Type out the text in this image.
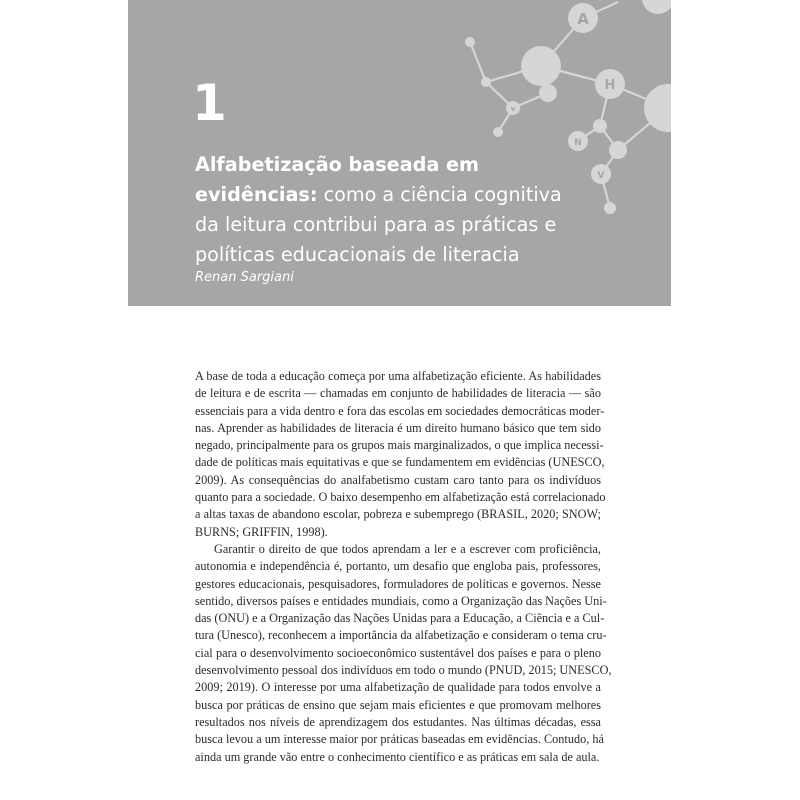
A
H
N
V
v
1
Alfabetização baseada em
evidências: como a ciência cognitiva
da leitura contribui para as práticas e
políticas educacionais de literacia
Renan Sargiani

A base de toda a educação começa por uma alfabetização eficiente. As habilidades
de leitura e de escrita — chamadas em conjunto de habilidades de literacia — são
essenciais para a vida dentro e fora das escolas em sociedades democráticas moder-
nas. Aprender as habilidades de literacia é um direito humano básico que tem sido
negado, principalmente para os grupos mais marginalizados, o que implica necessi-
dade de políticas mais equitativas e que se fundamentem em evidências (UNESCO,
2009). As consequências do analfabetismo custam caro tanto para os indivíduos
quanto para a sociedade. O baixo desempenho em alfabetização está correlacionado
a altas taxas de abandono escolar, pobreza e subemprego (BRASIL, 2020; SNOW;
BURNS; GRIFFIN, 1998).

Garantir o direito de que todos aprendam a ler e a escrever com proficiência,
autonomia e independência é, portanto, um desafio que engloba pais, professores,
gestores educacionais, pesquisadores, formuladores de políticas e governos. Nesse
sentido, diversos países e entidades mundiais, como a Organização das Nações Uni-
das (ONU) e a Organização das Nações Unidas para a Educação, a Ciência e a Cul-
tura (Unesco), reconhecem a importância da alfabetização e consideram o tema cru-
cial para o desenvolvimento socioeconômico sustentável dos países e para o pleno
desenvolvimento pessoal dos indivíduos em todo o mundo (PNUD, 2015; UNESCO,
2009; 2019). O interesse por uma alfabetização de qualidade para todos envolve a
busca por práticas de ensino que sejam mais eficientes e que promovam melhores
resultados nos níveis de aprendizagem dos estudantes. Nas últimas décadas, essa
busca levou a um interesse maior por práticas baseadas em evidências. Contudo, há
ainda um grande vão entre o conhecimento científico e as práticas em sala de aula.
